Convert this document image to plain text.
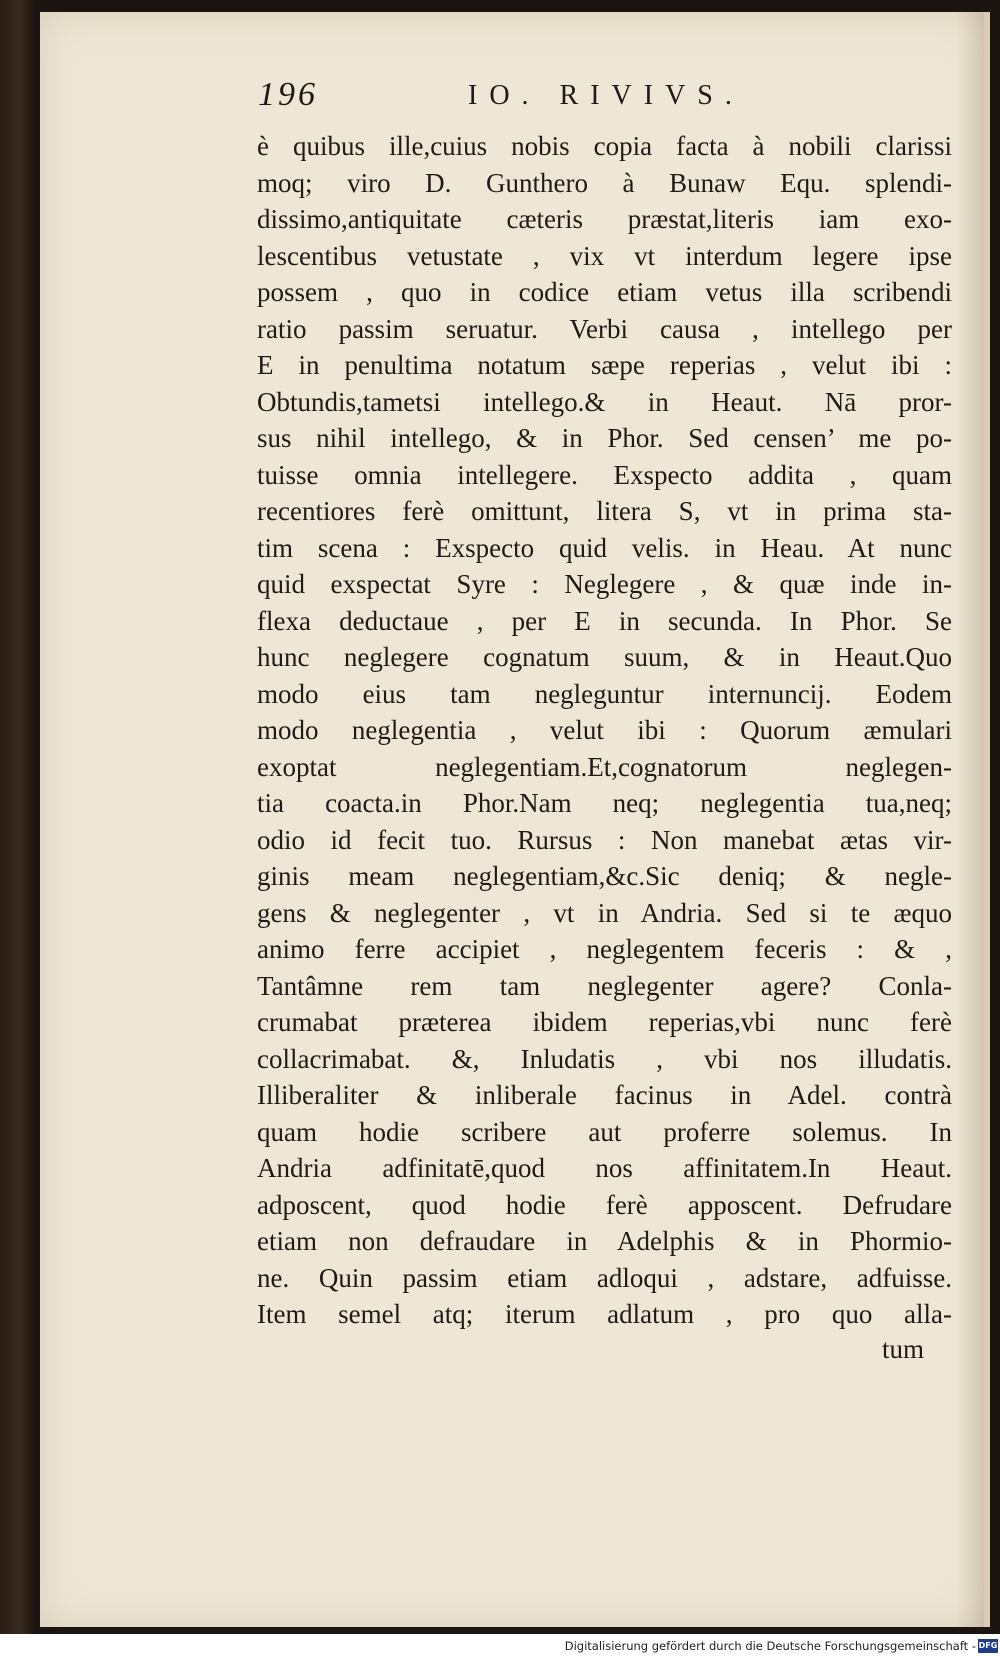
196	IO. RIVIVS.
è quibus ille,cuius nobis copia facta à nobili clarissi
moq; viro D. Gunthero à Bunaw Equ. splendi-
dissimo,antiquitate cæteris præstat,literis iam exo-
lescentibus vetustate , vix vt interdum legere ipse
possem , quo in codice etiam vetus illa scribendi
ratio passim seruatur. Verbi causa , intellego per
E in penultima notatum sæpe reperias , velut ibi :
Obtundis,tametsi intellego.& in Heaut. Nā pror-
sus nihil intellego, & in Phor. Sed censen’ me po-
tuisse omnia intellegere. Exspecto addita , quam
recentiores ferè omittunt, litera S, vt in prima sta-
tim scena : Exspecto quid velis. in Heau. At nunc
quid exspectat Syre : Neglegere , & quæ inde in-
flexa deductaue , per E in secunda. In Phor. Se
hunc neglegere cognatum suum, & in Heaut.Quo
modo eius tam negleguntur internuncij. Eodem
modo neglegentia , velut ibi : Quorum æmulari
exoptat neglegentiam.Et,cognatorum neglegen-
tia coacta.in Phor.Nam neq; neglegentia tua,neq;
odio id fecit tuo. Rursus : Non manebat ætas vir-
ginis meam neglegentiam,&c.Sic deniq; & negle-
gens & neglegenter , vt in Andria. Sed si te æquo
animo ferre accipiet , neglegentem feceris : & ,
Tantâmne rem tam neglegenter agere? Conla-
crumabat præterea ibidem reperias,vbi nunc ferè
collacrimabat. &, Inludatis , vbi nos illudatis.
Illiberaliter & inliberale facinus in Adel. contrà
quam hodie scribere aut proferre solemus. In
Andria adfinitatē,quod nos affinitatem.In Heaut.
adposcent, quod hodie ferè apposcent. Defrudare
etiam non defraudare in Adelphis & in Phormio-
ne. Quin passim etiam adloqui , adstare, adfuisse.
Item semel atq; iterum adlatum , pro quo alla-
tum
Digitalisierung gefördert durch die Deutsche Forschungsgemeinschaft - DFG
